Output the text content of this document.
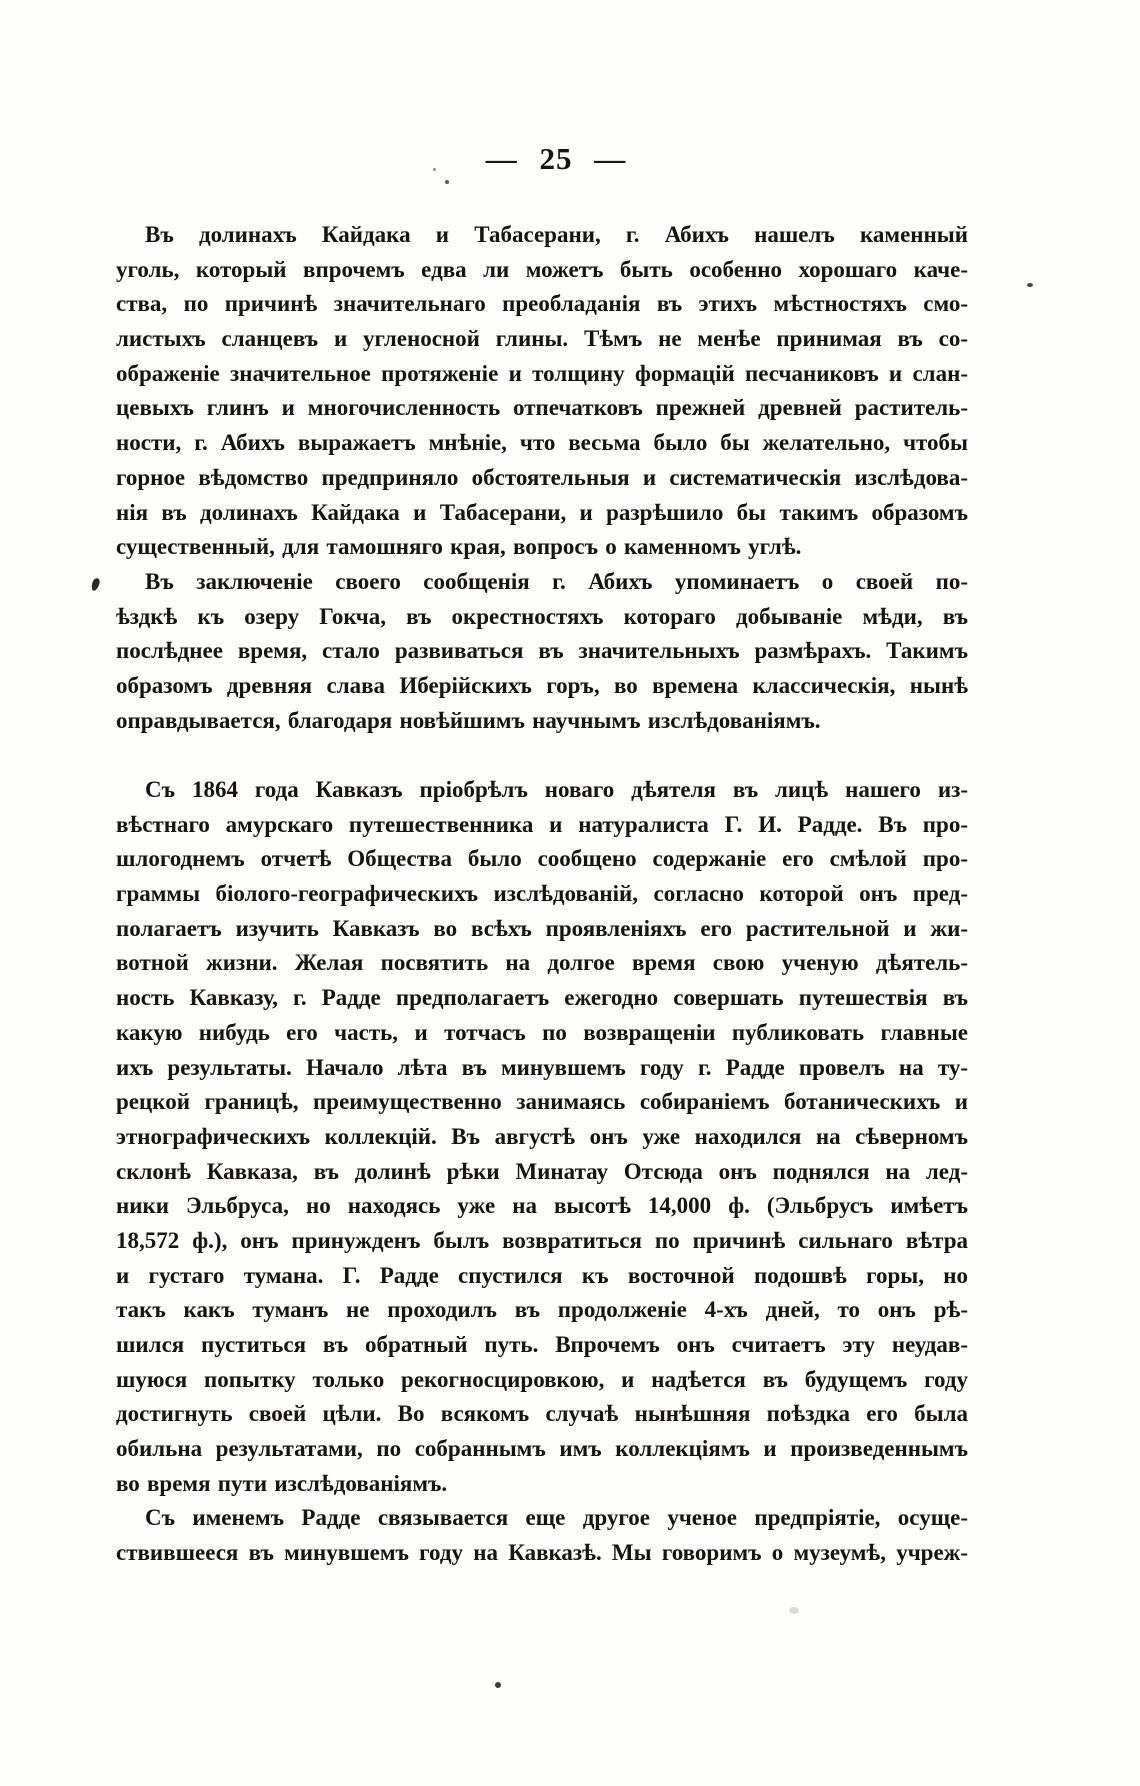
— 25 —
Въ долинахъ Кайдака и Табасерани, г. Абихъ нашелъ каменный
уголь, который впрочемъ едва ли можетъ быть особенно хорошаго каче-
ства, по причинѣ значительнаго преобладанія въ этихъ мѣстностяхъ смо-
листыхъ сланцевъ и угленосной глины. Тѣмъ не менѣе принимая въ со-
ображеніе значительное протяженіе и толщину формацій песчаниковъ и слан-
цевыхъ глинъ и многочисленность отпечатковъ прежней древней раститель-
ности, г. Абихъ выражаетъ мнѣніе, что весьма было бы желательно, чтобы
горное вѣдомство предприняло обстоятельныя и систематическія изслѣдова-
нія въ долинахъ Кайдака и Табасерани, и разрѣшило бы такимъ образомъ
существенный, для тамошняго края, вопросъ о каменномъ углѣ.
Въ заключеніе своего сообщенія г. Абихъ упоминаетъ о своей по-
ѣздкѣ къ озеру Гокча, въ окрестностяхъ котораго добываніе мѣди, въ
послѣднее время, стало развиваться въ значительныхъ размѣрахъ. Такимъ
образомъ древняя слава Иберійскихъ горъ, во времена классическія, нынѣ
оправдывается, благодаря новѣйшимъ научнымъ изслѣдованіямъ.
Съ 1864 года Кавказъ пріобрѣлъ новаго дѣятеля въ лицѣ нашего из-
вѣстнаго амурскаго путешественника и натуралиста Г. И. Радде. Въ про-
шлогоднемъ отчетѣ Общества было сообщено содержаніе его смѣлой про-
граммы біолого-географическихъ изслѣдованій, согласно которой онъ пред-
полагаетъ изучить Кавказъ во всѣхъ проявленіяхъ его растительной и жи-
вотной жизни. Желая посвятить на долгое время свою ученую дѣятель-
ность Кавказу, г. Радде предполагаетъ ежегодно совершать путешествія въ
какую нибудь его часть, и тотчасъ по возвращеніи публиковать главные
ихъ результаты. Начало лѣта въ минувшемъ году г. Радде провелъ на ту-
рецкой границѣ, преимущественно занимаясь собираніемъ ботаническихъ и
этнографическихъ коллекцій. Въ августѣ онъ уже находился на сѣверномъ
склонѣ Кавказа, въ долинѣ рѣки Минатау Отсюда онъ поднялся на лед-
ники Эльбруса, но находясь уже на высотѣ 14,000 ф. (Эльбрусъ имѣетъ
18,572 ф.), онъ принужденъ былъ возвратиться по причинѣ сильнаго вѣтра
и густаго тумана. Г. Радде спустился къ восточной подошвѣ горы, но
такъ какъ туманъ не проходилъ въ продолженіе 4-хъ дней, то онъ рѣ-
шился пуститься въ обратный путь. Впрочемъ онъ считаетъ эту неудав-
шуюся попытку только рекогносцировкою, и надѣется въ будущемъ году
достигнуть своей цѣли. Во всякомъ случаѣ нынѣшняя поѣздка его была
обильна результатами, по собраннымъ имъ коллекціямъ и произведеннымъ
во время пути изслѣдованіямъ.
Съ именемъ Радде связывается еще другое ученое предпріятіе, осуще-
ствившееся въ минувшемъ году на Кавказѣ. Мы говоримъ о музеумѣ, учреж-
